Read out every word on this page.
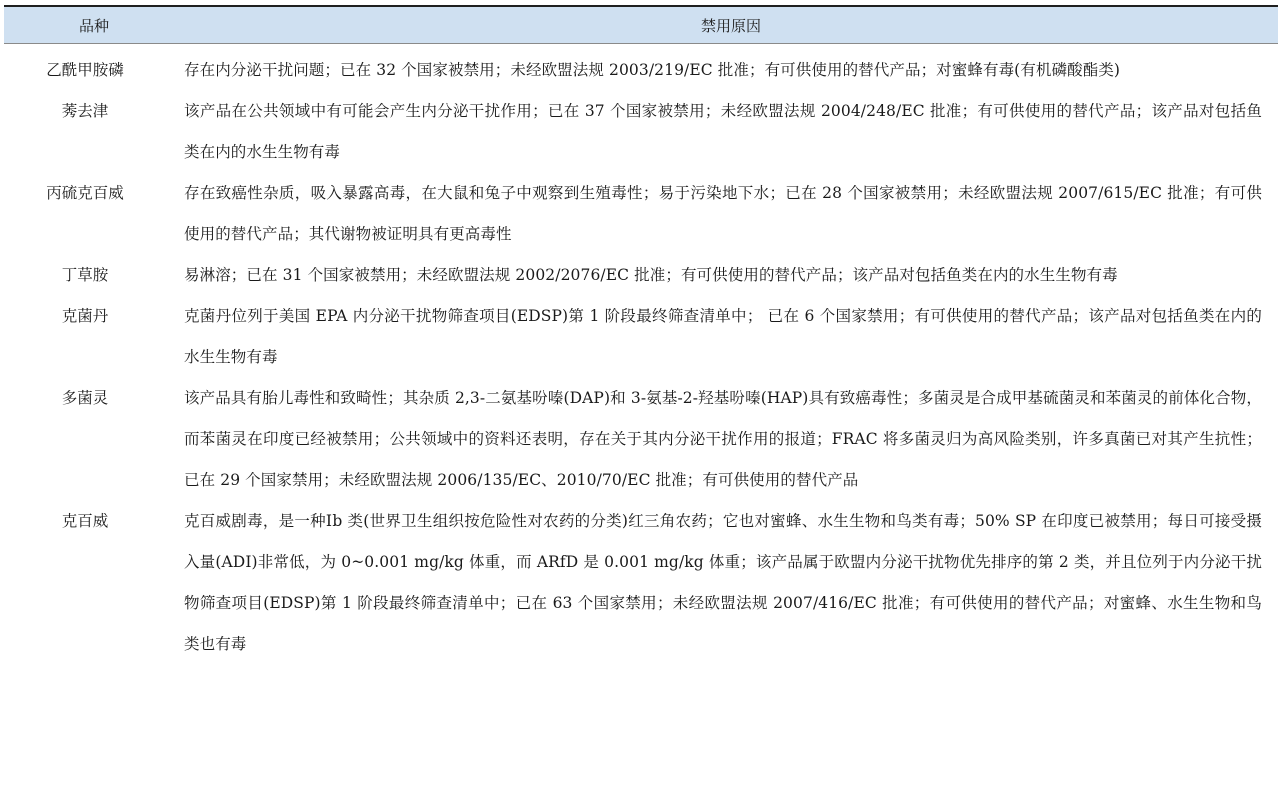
品种	禁用原因
乙酰甲胺磷	存在内分泌干扰问题；已在 32 个国家被禁用；未经欧盟法规 2003/219/EC 批准；有可供使用的替代产品；对蜜蜂有毒(有机磷酸酯类)
莠去津	该产品在公共领域中有可能会产生内分泌干扰作用；已在 37 个国家被禁用；未经欧盟法规 2004/248/EC 批准；有可供使用的替代产品；该产品对包括鱼类在内的水生生物有毒
丙硫克百威	存在致癌性杂质，吸入暴露高毒，在大鼠和兔子中观察到生殖毒性；易于污染地下水；已在 28 个国家被禁用；未经欧盟法规 2007/615/EC 批准；有可供使用的替代产品；其代谢物被证明具有更高毒性
丁草胺	易淋溶；已在 31 个国家被禁用；未经欧盟法规 2002/2076/EC 批准；有可供使用的替代产品；该产品对包括鱼类在内的水生生物有毒
克菌丹	克菌丹位列于美国 EPA 内分泌干扰物筛查项目(EDSP)第 1 阶段最终筛查清单中； 已在 6 个国家禁用；有可供使用的替代产品；该产品对包括鱼类在内的水生生物有毒
多菌灵	该产品具有胎儿毒性和致畸性；其杂质 2,3-二氨基吩嗪(DAP)和 3-氨基-2-羟基吩嗪(HAP)具有致癌毒性；多菌灵是合成甲基硫菌灵和苯菌灵的前体化合物，而苯菌灵在印度已经被禁用；公共领域中的资料还表明，存在关于其内分泌干扰作用的报道；FRAC 将多菌灵归为高风险类别，许多真菌已对其产生抗性；已在 29 个国家禁用；未经欧盟法规 2006/135/EC、2010/70/EC 批准；有可供使用的替代产品
克百威	克百威剧毒，是一种Ⅰb 类(世界卫生组织按危险性对农药的分类)红三角农药；它也对蜜蜂、水生生物和鸟类有毒；50% SP 在印度已被禁用；每日可接受摄入量(ADI)非常低，为 0~0.001 mg/kg 体重，而 ARfD 是 0.001 mg/kg 体重；该产品属于欧盟内分泌干扰物优先排序的第 2 类，并且位列于内分泌干扰物筛查项目(EDSP)第 1 阶段最终筛查清单中；已在 63 个国家禁用；未经欧盟法规 2007/416/EC 批准；有可供使用的替代产品；对蜜蜂、水生生物和鸟类也有毒
